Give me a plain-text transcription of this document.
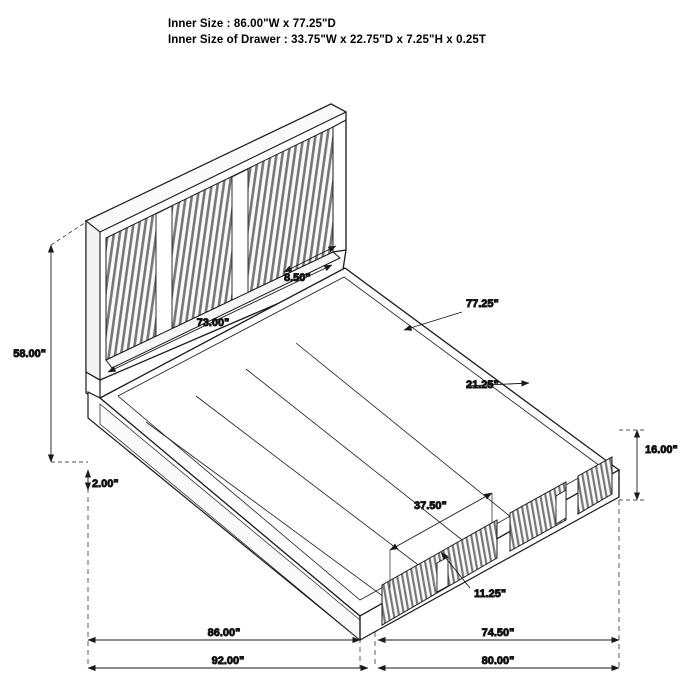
Inner Size : 86.00"W x 77.25"D
Inner Size of Drawer : 33.75"W x 22.75"D x 7.25"H x 0.25T
8.50"
73.00"
77.25"
21.25"
58.00"
16.00"
2.00"
37.50"
11.25"
86.00"	74.50"
92.00"	80.00"
